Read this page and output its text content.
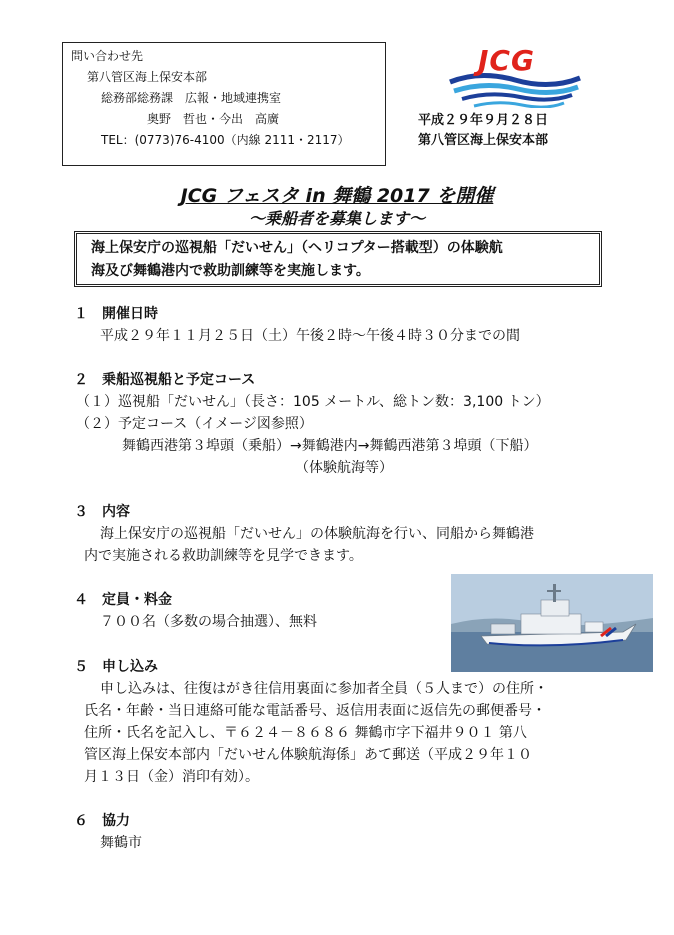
問い合わせ先
第八管区海上保安本部
総務部総務課　広報・地域連携室
奥野　哲也・今出　高廣
TEL：(0773)76-4100（内線 2111・2117）
JCG
平成２９年９月２８日
第八管区海上保安本部
JCG フェスタ in 舞鶴 2017 を開催
～乗船者を募集します～
海上保安庁の巡視船「だいせん」（ヘリコプター搭載型）の体験航
海及び舞鶴港内で救助訓練等を実施します。
１　開催日時
平成２９年１１月２５日（土）午後２時～午後４時３０分までの間
２　乗船巡視船と予定コース
（１）巡視船「だいせん」（長さ：105 メートル、総トン数：3,100 トン）
（２）予定コース（イメージ図参照）
舞鶴西港第３埠頭（乗船）→舞鶴港内→舞鶴西港第３埠頭（下船）
（体験航海等）
３　内容
海上保安庁の巡視船「だいせん」の体験航海を行い、同船から舞鶴港
内で実施される救助訓練等を見学できます。
４　定員・料金
７００名（多数の場合抽選）、無料
５　申し込み
申し込みは、往復はがき往信用裏面に参加者全員（５人まで）の住所・
氏名・年齢・当日連絡可能な電話番号、返信用表面に返信先の郵便番号・
住所・氏名を記入し、〒６２４－８６８６ 舞鶴市字下福井９０１ 第八
管区海上保安本部内「だいせん体験航海係」あて郵送（平成２９年１０
月１３日（金）消印有効）。
６　協力
舞鶴市
